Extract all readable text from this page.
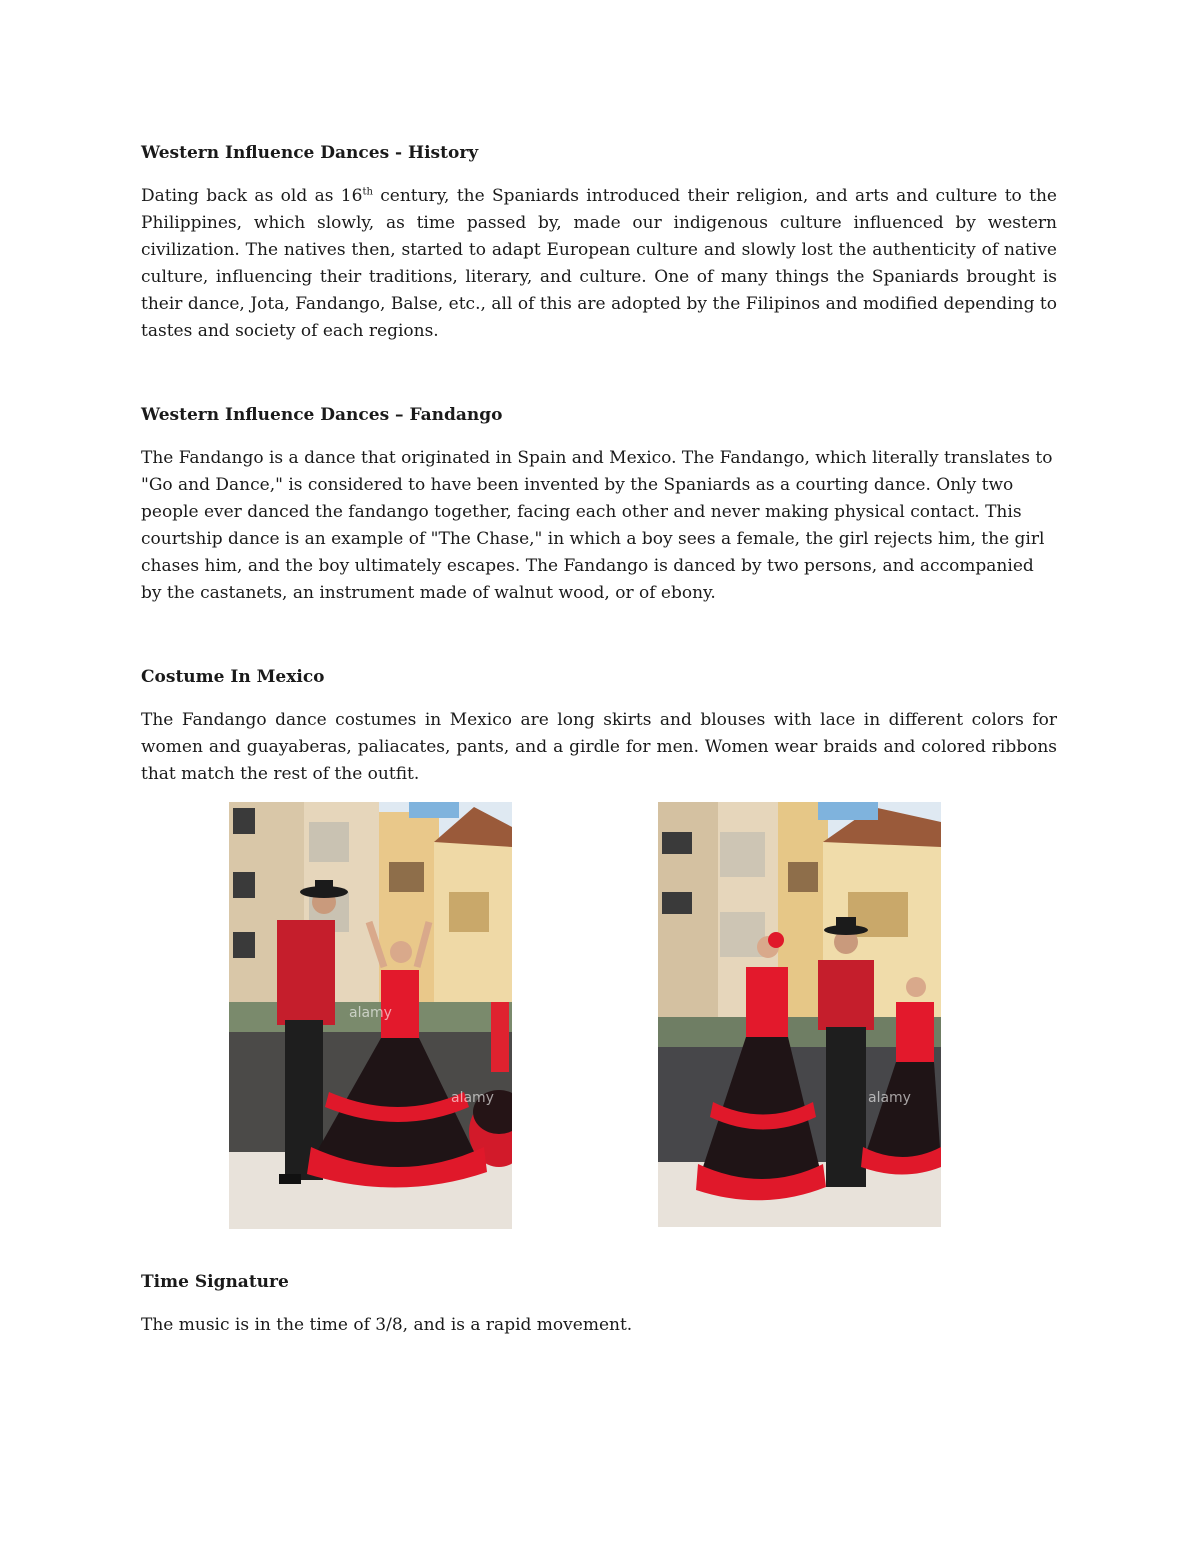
Western Influence Dances - History

Dating back as old as 16th century, the Spaniards introduced their religion, and arts and culture to the Philippines, which slowly, as time passed by, made our indigenous culture influenced by western civilization. The natives then, started to adapt European culture and slowly lost the authenticity of native culture, influencing their traditions, literary, and culture. One of many things the Spaniards brought is their dance, Jota, Fandango, Balse, etc., all of this are adopted by the Filipinos and modified depending to tastes and society of each regions.

Western Influence Dances – Fandango

The Fandango is a dance that originated in Spain and Mexico. The Fandango, which literally translates to "Go and Dance," is considered to have been invented by the Spaniards as a courting dance. Only two people ever danced the fandango together, facing each other and never making physical contact. This courtship dance is an example of "The Chase," in which a boy sees a female, the girl rejects him, the girl chases him, and the boy ultimately escapes. The Fandango is danced by two persons, and accompanied by the castanets, an instrument made of walnut wood, or of ebony.

Costume In Mexico

The Fandango dance costumes in Mexico are long skirts and blouses with lace in different colors for women and guayaberas, paliacates, pants, and a girdle for men. Women wear braids and colored ribbons that match the rest of the outfit.

Time Signature

The music is in the time of 3/8, and is a rapid movement.

alamy
alamy
alamy
